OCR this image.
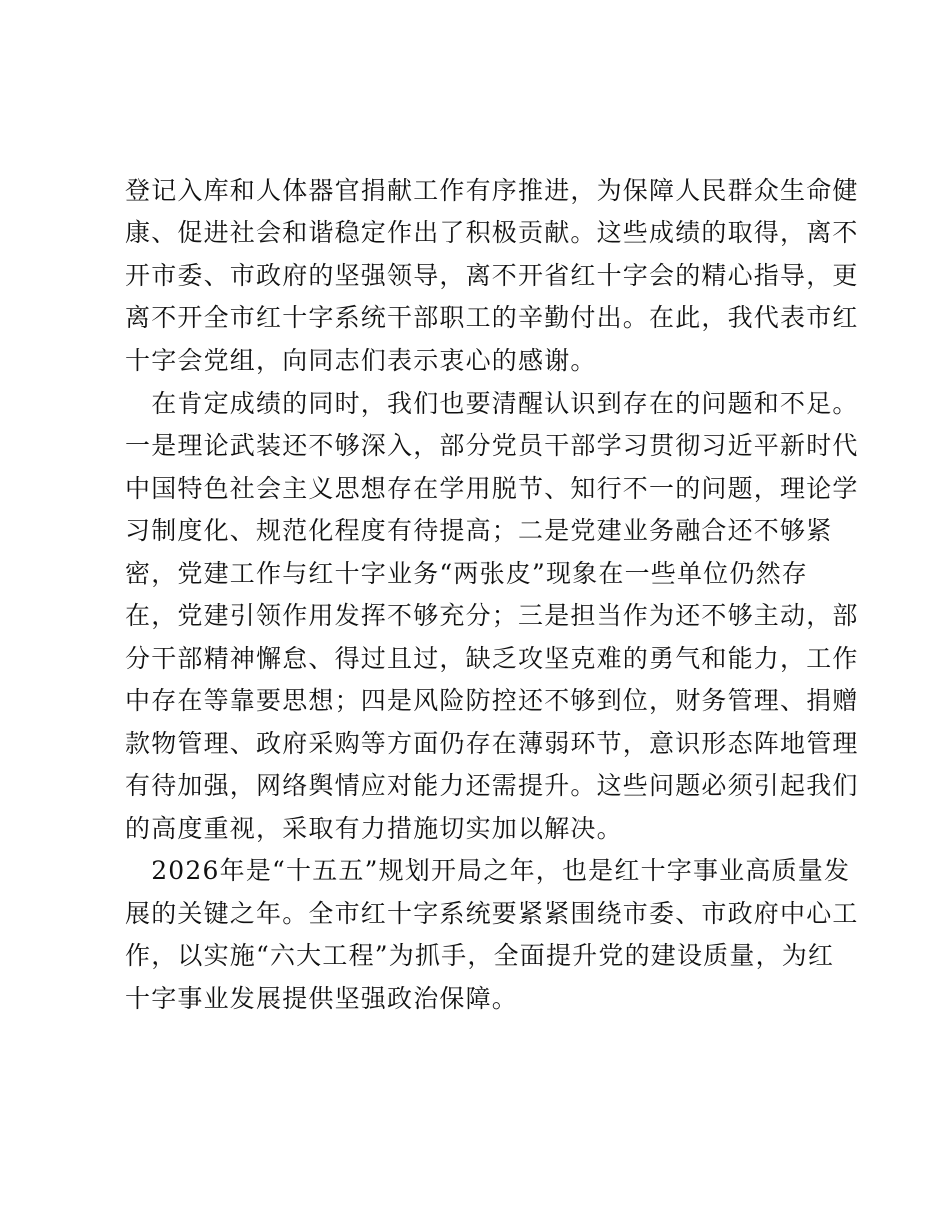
登记入库和人体器官捐献工作有序推进，为保障人民群众生命健
康、促进社会和谐稳定作出了积极贡献。这些成绩的取得，离不
开市委、市政府的坚强领导，离不开省红十字会的精心指导，更
离不开全市红十字系统干部职工的辛勤付出。在此，我代表市红
十字会党组，向同志们表示衷心的感谢。
　在肯定成绩的同时，我们也要清醒认识到存在的问题和不足。
一是理论武装还不够深入，部分党员干部学习贯彻习近平新时代
中国特色社会主义思想存在学用脱节、知行不一的问题，理论学
习制度化、规范化程度有待提高；二是党建业务融合还不够紧
密，党建工作与红十字业务“两张皮”现象在一些单位仍然存
在，党建引领作用发挥不够充分；三是担当作为还不够主动，部
分干部精神懈怠、得过且过，缺乏攻坚克难的勇气和能力，工作
中存在等靠要思想；四是风险防控还不够到位，财务管理、捐赠
款物管理、政府采购等方面仍存在薄弱环节，意识形态阵地管理
有待加强，网络舆情应对能力还需提升。这些问题必须引起我们
的高度重视，采取有力措施切实加以解决。
　2026年是“十五五”规划开局之年，也是红十字事业高质量发
展的关键之年。全市红十字系统要紧紧围绕市委、市政府中心工
作，以实施“六大工程”为抓手，全面提升党的建设质量，为红
十字事业发展提供坚强政治保障。
